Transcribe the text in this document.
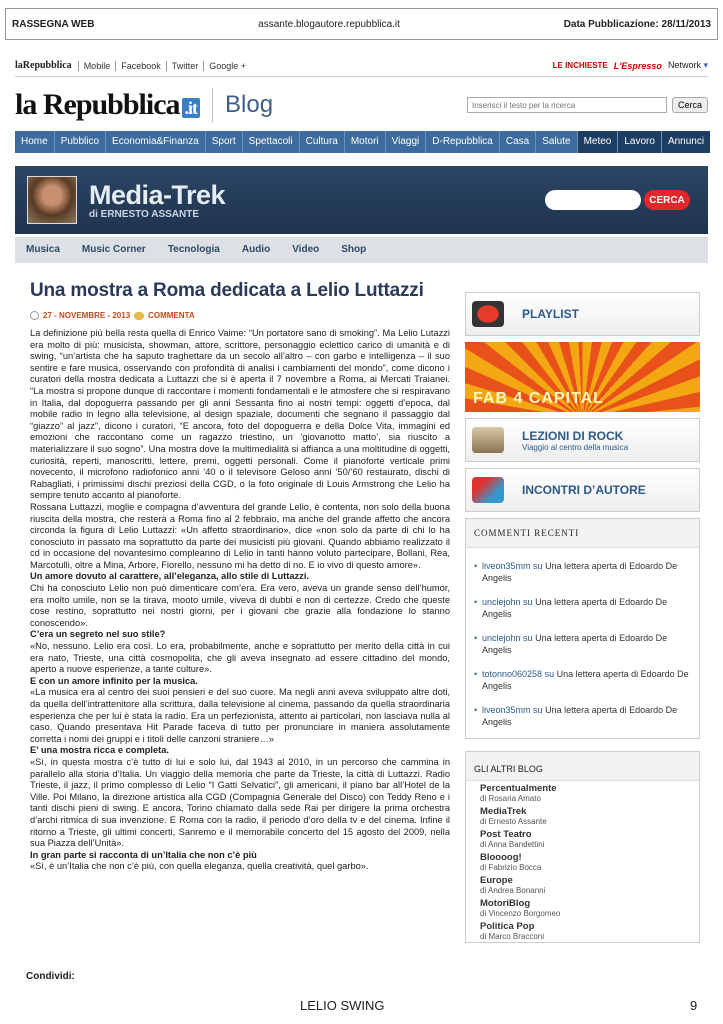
RASSEGNA WEB	assante.blogautore.repubblica.it	Data Pubblicazione: 28/11/2013
laRepubblica	Mobile	Facebook	Twitter	Google +	LE INCHIESTE L'Espresso Network ▾
la Repubblica .it Blog
Inserisci il testo per la ricerca	Cerca
Home	Pubblico	Economia&Finanza	Sport	Spettacoli	Cultura	Motori	Viaggi	D-Repubblica	Casa	Salute	Meteo	Lavoro	Annunci
Media-Trek
di ERNESTO ASSANTE
CERCA
Musica	Music Corner	Tecnologia	Audio	Video	Shop
Una mostra a Roma dedicata a Lelio Luttazzi
27 - NOVEMBRE - 2013 COMMENTA

La definizione più bella resta quella di Enrico Vaime: “Un portatore sano di smoking”. Ma Lelio Lutazzi era molto di più: musicista, showman, attore, scrittore, personaggio eclettico carico di umanità e di swing, “un’artista che ha saputo traghettare da un secolo all’altro – con garbo e intelligenza – il suo sentire e fare musica, osservando con profondità di analisi i cambiamenti del mondo”, come dicono i curatori della mostra dedicata a Luttazzi che si è aperta il 7 novembre a Roma, ai Mercati Traianei. “La mostra si propone dunque di raccontare i momenti fondamentali e le atmosfere che si respiravano in Italia, dal dopoguerra passando per gli anni Sessanta fino ai nostri tempi: oggetti d’epoca, dal mobile radio in legno alla televisione, al design spaziale, documenti che segnano il passaggio dal “giazzo” al jazz”, dicono i curatori, “E ancora, foto del dopoguerra e della Dolce Vita, immagini ed emozioni che raccontano come un ragazzo triestino, un ‘giovanotto matto’, sia riuscito a materializzare il suo sogno”. Una mostra dove la multimedialità si affianca a una moltitudine di oggetti, curiosità, reperti, manoscritti, lettere, premi, oggetti personali. Come il pianoforte verticale primi novecento, il microfono radiofonico anni ’40 o il televisore Geloso anni ‘50/’60 restaurato, dischi di Rabagliati, i primissimi dischi preziosi della CGD, o la foto originale di Louis Armstrong che Lelio ha sempre tenuto accanto al pianoforte.

Rossana Luttazzi, moglie e compagna d’avventura del grande Lelio, è contenta, non solo della buona riuscita della mostra, che resterà a Roma fino al 2 febbraio, ma anche del grande affetto che ancora circonda la figura di Lelio Luttazzi: «Un affetto straordinario», dice «non solo da parte di chi lo ha conosciuto in passato ma soprattutto da parte dei musicisti più giovani. Quando abbiamo realizzato il cd in occasione del novantesimo compleanno di Lelio in tanti hanno voluto partecipare, Bollani, Rea, Marcotulli, oltre a Mina, Arbore, Fiorello, nessuno mi ha detto di no. E io vivo di questo amore».

Un amore dovuto al carattere, all’eleganza, allo stile di Luttazzi.

Chi ha conosciuto Lelio non può dimenticare com’era. Era vero, aveva un grande senso dell’humor, era molto umile, non se la tirava, mooto umile, viveva di dubbi e non di certezze. Credo che queste cose restino, soprattutto nei nostri giorni, per i giovani che grazie alla fondazione lo stanno conoscendo».

C’era un segreto nel suo stile?

«No, nessuno. Lelio era così. Lo era, probabilmente, anche e soprattutto per merito della città in cui era nato, Trieste, una città cosmopolita, che gli aveva insegnato ad essere cittadino del mondo, aperto a nuove esperienze, a tante culture».

E con un amore infinito per la musica.

«La musica era al centro dei suoi pensieri e del suo cuore. Ma negli anni aveva sviluppato altre doti, da quella dell’intrattenitore alla scrittura, dalla televisione al cinema, passando da quella straordinaria esperienza che per lui è stata la radio. Era un perfezionista, attento ai particolari, non lasciava nulla al caso. Quando presentava Hit Parade faceva di tutto per pronunciare in maniera assolutamente corretta i nomi dei gruppi e i titoli delle canzoni straniere…»

E’ una mostra ricca e completa.

«Sì, in questa mostra c’è tutto di lui e solo lui, dal 1943 al 2010, in un percorso che cammina in parallelo alla storia d’Italia. Un viaggio della memoria che parte da Trieste, la città di Luttazzi. Radio Trieste, il jazz, il primo complesso di Lelio “I Gatti Selvatici”, gli americani, il piano bar all’Hotel de la Ville. Poi Milano, la direzione artistica alla CGD (Compagnia Generale del Disco) con Teddy Reno e i tanti dischi pieni di swing. E ancora, Torino chiamato dalla sede Rai per dirigere la prima orchestra d’archi ritmica di sua invenzione. E Roma con la radio, il periodo d’oro della tv e del cinema. Infine il ritorno a Trieste, gli ultimi concerti, Sanremo e il memorabile concerto del 15 agosto del 2009, nella sua Piazza dell’Unità».

In gran parte si racconta di un’Italia che non c’è più

«Sì, è un’Italia che non c’è più, con quella eleganza, quella creatività, quel garbo».

Condividi:
PLAYLIST
FAB 4 CAPITAL
LEZIONI DI ROCK
Viaggio al centro della musica
INCONTRI D’AUTORE
COMMENTI RECENTI
• liveon35mm su Una lettera aperta di Edoardo De Angelis
• unclejohn su Una lettera aperta di Edoardo De Angelis
• unclejohn su Una lettera aperta di Edoardo De Angelis
• totonno060258 su Una lettera aperta di Edoardo De Angelis
• liveon35mm su Una lettera aperta di Edoardo De Angelis
GLI ALTRI BLOG
Percentualmente
di Rosaria Amato
MediaTrek
di Ernesto Assante
Post Teatro
di Anna Bandettini
Bloooog!
di Fabrizio Bocca
Europe
di Andrea Bonanni
MotoriBlog
di Vincenzo Borgomeo
Politica Pop
di Marco Bracconi
LELIO SWING	9
